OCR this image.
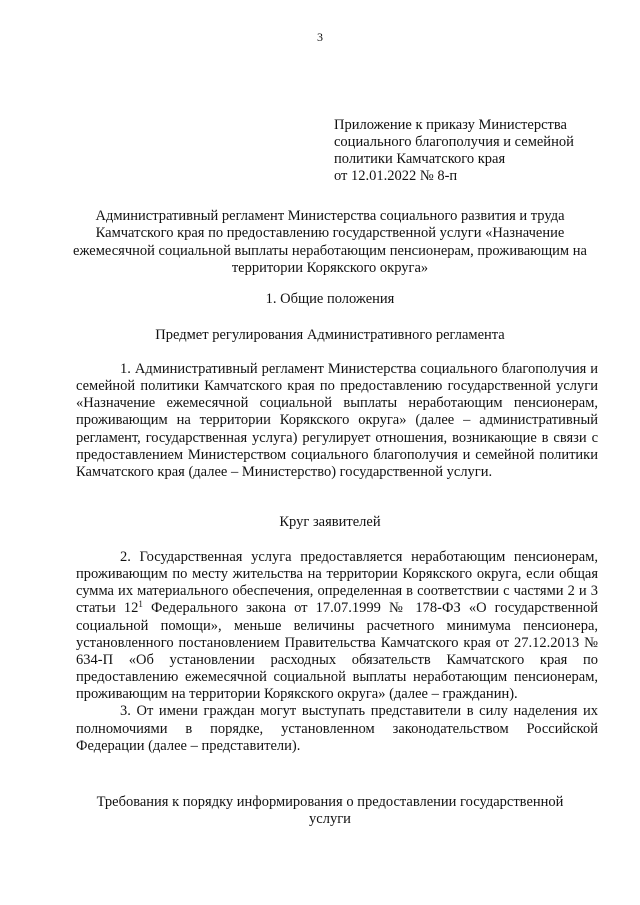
3
Приложение к приказу Министерства
социального благополучия и семейной
политики Камчатского края
от 12.01.2022 № 8-п
Административный регламент Министерства социального развития и труда Камчатского края по предоставлению государственной услуги «Назначение ежемесячной социальной выплаты неработающим пенсионерам, проживающим на территории Корякского округа»
1. Общие положения
Предмет регулирования Административного регламента

1. Административный регламент Министерства социального благополучия и семейной политики Камчатского края по предоставлению государственной услуги «Назначение ежемесячной социальной выплаты неработающим пенсионерам, проживающим на территории Корякского округа» (далее – административный регламент, государственная услуга) регулирует отношения, возникающие в связи с предоставлением Министерством социального благополучия и семейной политики Камчатского края (далее – Министерство) государственной услуги.

Круг заявителей

2. Государственная услуга предоставляется неработающим пенсионерам, проживающим по месту жительства на территории Корякского округа, если общая сумма их материального обеспечения, определенная в соответствии с частями 2 и 3 статьи $12^1$ Федерального закона от 17.07.1999 № 178-ФЗ «О государственной социальной помощи», меньше величины расчетного минимума пенсионера, установленного постановлением Правительства Камчатского края от 27.12.2013 № 634-П «Об установлении расходных обязательств Камчатского края по предоставлению ежемесячной социальной выплаты неработающим пенсионерам, проживающим на территории Корякского округа» (далее – гражданин).

3. От имени граждан могут выступать представители в силу наделения их полномочиями в порядке, установленном законодательством Российской Федерации (далее – представители).

Требования к порядку информирования о предоставлении государственной услуги
